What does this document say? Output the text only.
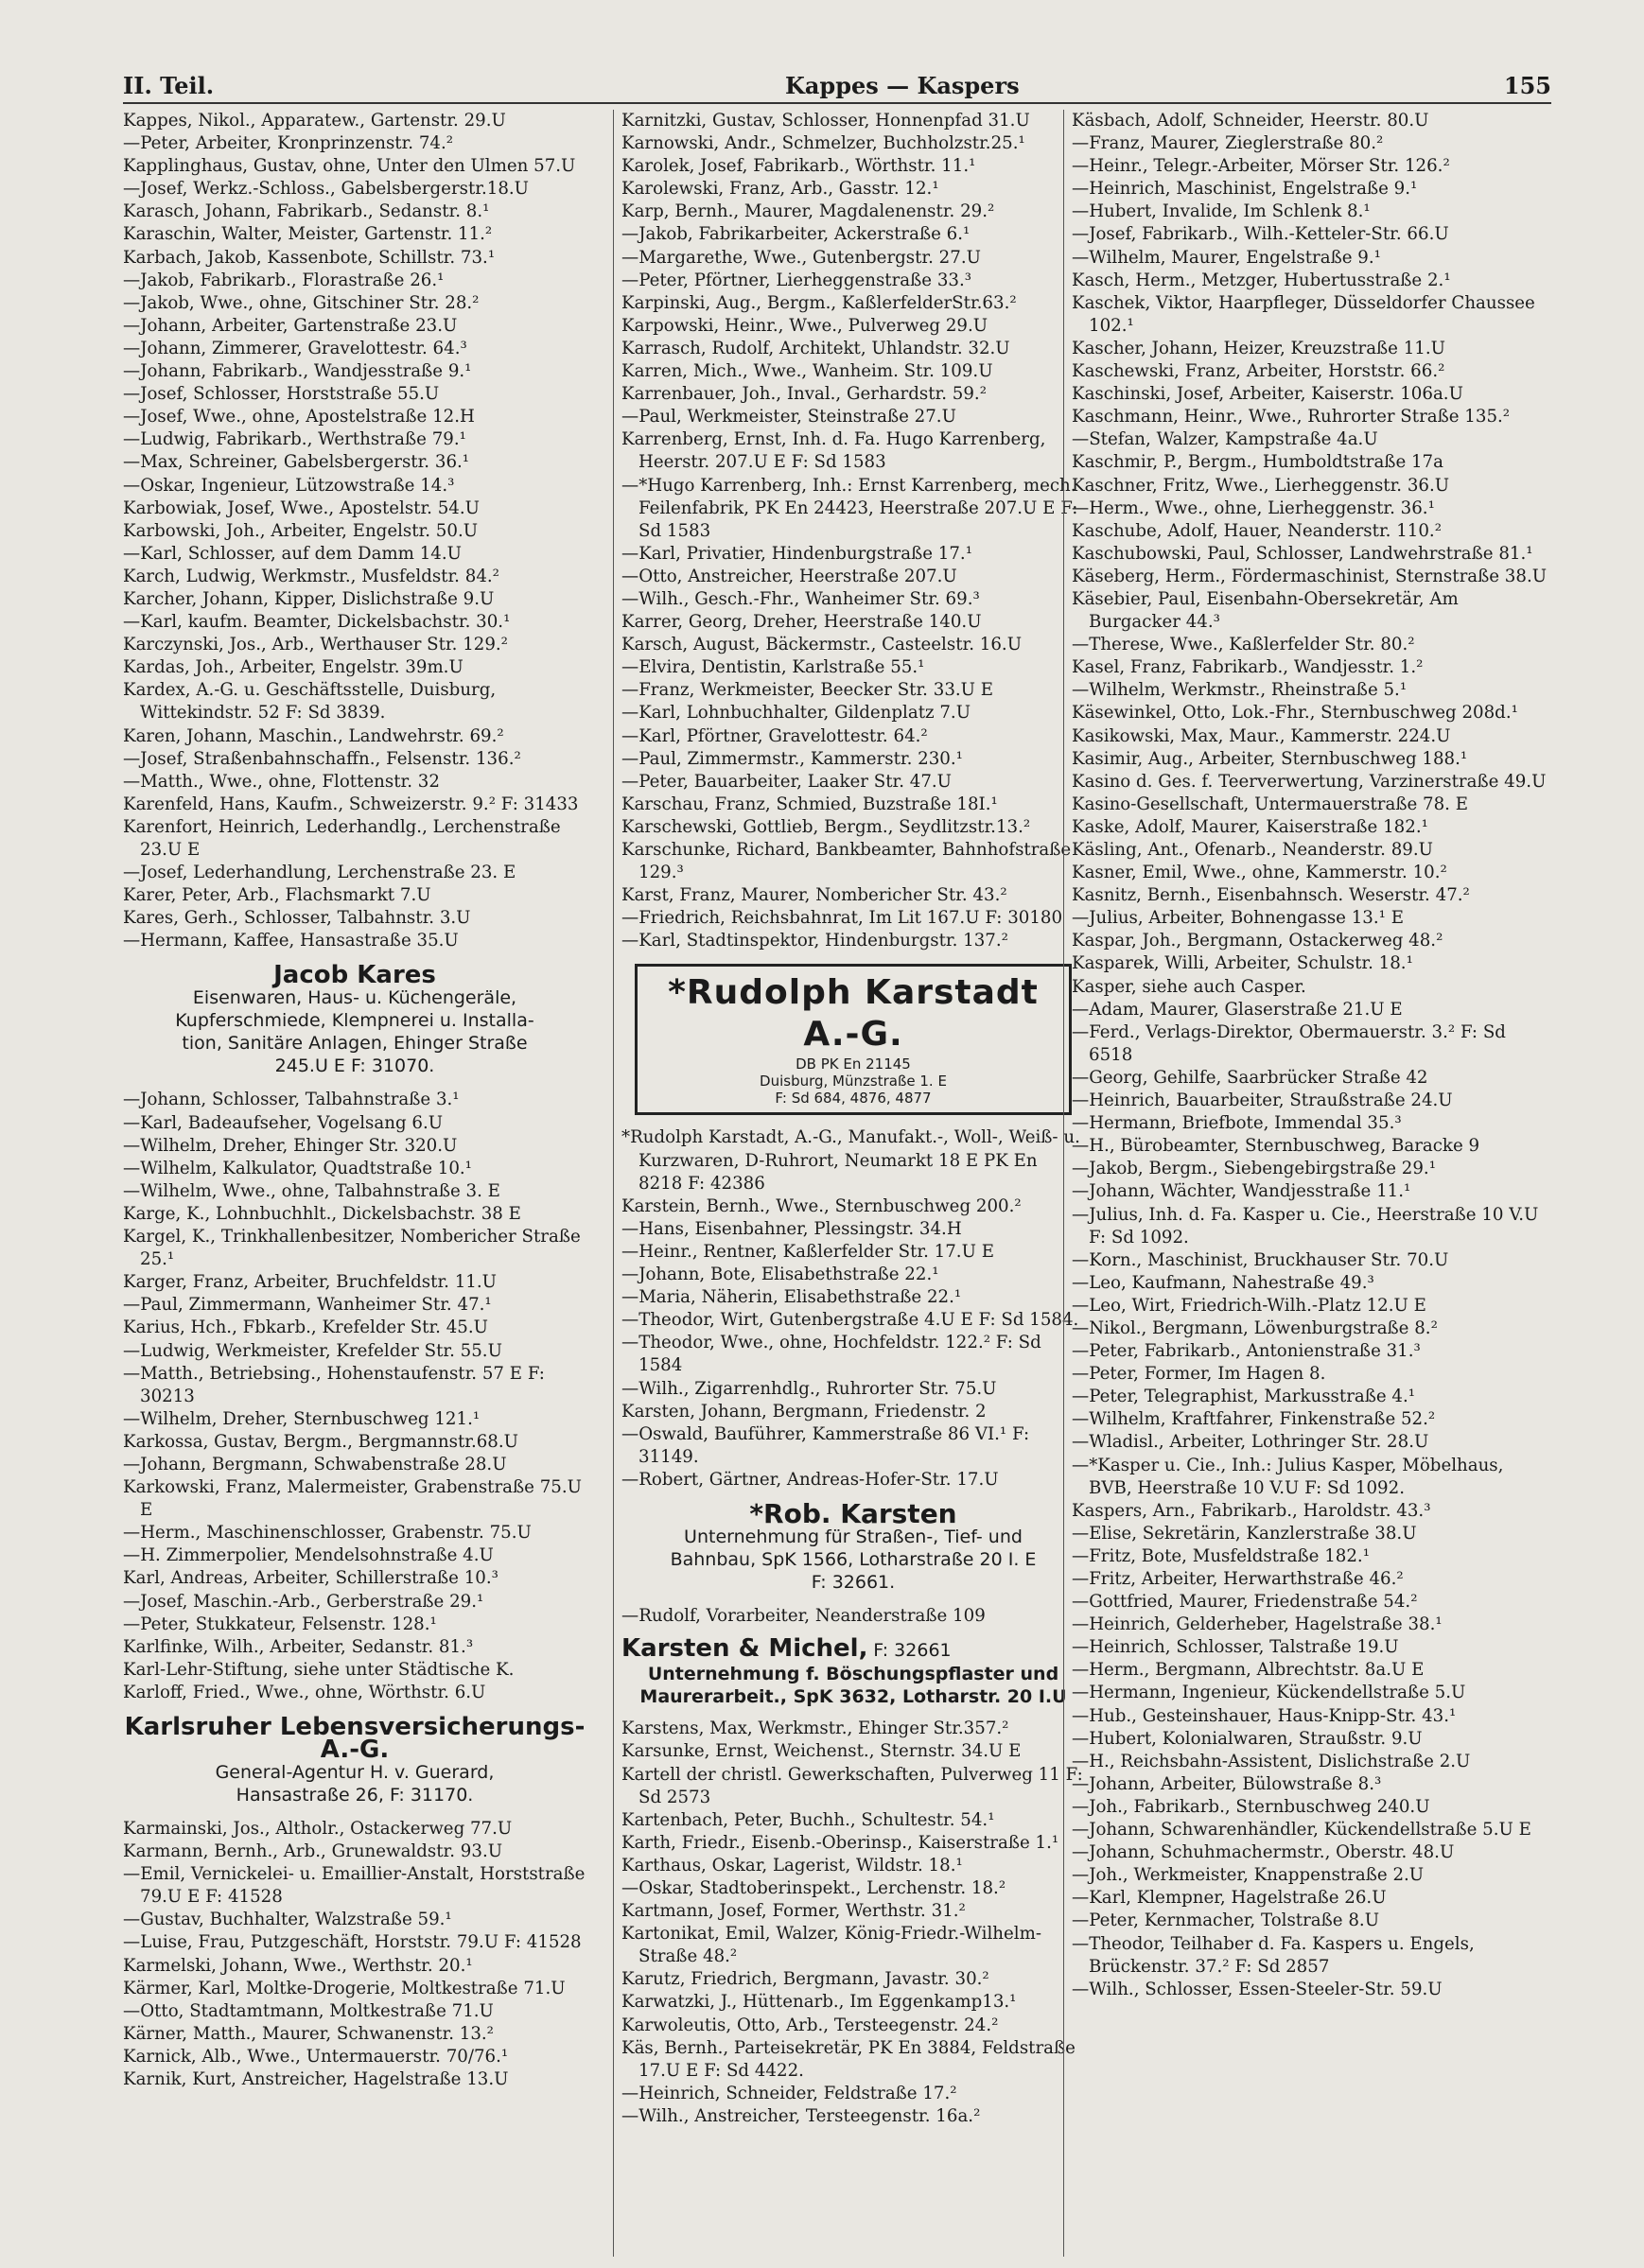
II. Teil.	Kappes — Kaspers	155

Kappes, Nikol., Apparatew., Gartenstr. 29.U

—Peter, Arbeiter, Kronprinzenstr. 74.²

Kapplinghaus, Gustav, ohne, Unter den Ulmen 57.U

—Josef, Werkz.-Schloss., Gabelsbergerstr.18.U

Karasch, Johann, Fabrikarb., Sedanstr. 8.¹

Karaschin, Walter, Meister, Gartenstr. 11.²

Karbach, Jakob, Kassenbote, Schillstr. 73.¹

—Jakob, Fabrikarb., Florastraße 26.¹

—Jakob, Wwe., ohne, Gitschiner Str. 28.²

—Johann, Arbeiter, Gartenstraße 23.U

—Johann, Zimmerer, Gravelottestr. 64.³

—Johann, Fabrikarb., Wandjesstraße 9.¹

—Josef, Schlosser, Horststraße 55.U

—Josef, Wwe., ohne, Apostelstraße 12.H

—Ludwig, Fabrikarb., Werthstraße 79.¹

—Max, Schreiner, Gabelsbergerstr. 36.¹

—Oskar, Ingenieur, Lützowstraße 14.³

Karbowiak, Josef, Wwe., Apostelstr. 54.U

Karbowski, Joh., Arbeiter, Engelstr. 50.U

—Karl, Schlosser, auf dem Damm 14.U

Karch, Ludwig, Werkmstr., Musfeldstr. 84.²

Karcher, Johann, Kipper, Dislichstraße 9.U

—Karl, kaufm. Beamter, Dickelsbachstr. 30.¹

Karczynski, Jos., Arb., Werthauser Str. 129.²

Kardas, Joh., Arbeiter, Engelstr. 39m.U

Kardex, A.-G. u. Geschäftsstelle, Duisburg, Wittekindstr. 52 F: Sd 3839.

Karen, Johann, Maschin., Landwehrstr. 69.²

—Josef, Straßenbahnschaffn., Felsenstr. 136.²

—Matth., Wwe., ohne, Flottenstr. 32

Karenfeld, Hans, Kaufm., Schweizerstr. 9.² F: 31433

Karenfort, Heinrich, Lederhandlg., Lerchenstraße 23.U E

—Josef, Lederhandlung, Lerchenstraße 23. E

Karer, Peter, Arb., Flachsmarkt 7.U

Kares, Gerh., Schlosser, Talbahnstr. 3.U

—Hermann, Kaffee, Hansastraße 35.U

Jacob Kares
Eisenwaren, Haus- u. Küchengeräle,
Kupferschmiede, Klempnerei u. Installa-
tion, Sanitäre Anlagen, Ehinger Straße
245.U E F: 31070.

—Johann, Schlosser, Talbahnstraße 3.¹

—Karl, Badeaufseher, Vogelsang 6.U

—Wilhelm, Dreher, Ehinger Str. 320.U

—Wilhelm, Kalkulator, Quadtstraße 10.¹

—Wilhelm, Wwe., ohne, Talbahnstraße 3. E

Karge, K., Lohnbuchhlt., Dickelsbachstr. 38 E

Kargel, K., Trinkhallenbesitzer, Nombericher Straße 25.¹

Karger, Franz, Arbeiter, Bruchfeldstr. 11.U

—Paul, Zimmermann, Wanheimer Str. 47.¹

Karius, Hch., Fbkarb., Krefelder Str. 45.U

—Ludwig, Werkmeister, Krefelder Str. 55.U

—Matth., Betriebsing., Hohenstaufenstr. 57 E F: 30213

—Wilhelm, Dreher, Sternbuschweg 121.¹

Karkossa, Gustav, Bergm., Bergmannstr.68.U

—Johann, Bergmann, Schwabenstraße 28.U

Karkowski, Franz, Malermeister, Grabenstraße 75.U E

—Herm., Maschinenschlosser, Grabenstr. 75.U

—H. Zimmerpolier, Mendelsohnstraße 4.U

Karl, Andreas, Arbeiter, Schillerstraße 10.³

—Josef, Maschin.-Arb., Gerberstraße 29.¹

—Peter, Stukkateur, Felsenstr. 128.¹

Karlfinke, Wilh., Arbeiter, Sedanstr. 81.³

Karl-Lehr-Stiftung, siehe unter Städtische K.

Karloff, Fried., Wwe., ohne, Wörthstr. 6.U

Karlsruher Lebensversicherungs-A.-G.
General-Agentur H. v. Guerard,
Hansastraße 26, F: 31170.

Karmainski, Jos., Altholr., Ostackerweg 77.U

Karmann, Bernh., Arb., Grunewaldstr. 93.U

—Emil, Vernickelei- u. Emaillier-Anstalt, Horststraße 79.U E F: 41528

—Gustav, Buchhalter, Walzstraße 59.¹

—Luise, Frau, Putzgeschäft, Horststr. 79.U F: 41528

Karmelski, Johann, Wwe., Werthstr. 20.¹

Kärmer, Karl, Moltke-Drogerie, Moltkestraße 71.U

—Otto, Stadtamtmann, Moltkestraße 71.U

Kärner, Matth., Maurer, Schwanenstr. 13.²

Karnick, Alb., Wwe., Untermauerstr. 70/76.¹

Karnik, Kurt, Anstreicher, Hagelstraße 13.U

Karnitzki, Gustav, Schlosser, Honnenpfad 31.U

Karnowski, Andr., Schmelzer, Buchholzstr.25.¹

Karolek, Josef, Fabrikarb., Wörthstr. 11.¹

Karolewski, Franz, Arb., Gasstr. 12.¹

Karp, Bernh., Maurer, Magdalenenstr. 29.²

—Jakob, Fabrikarbeiter, Ackerstraße 6.¹

—Margarethe, Wwe., Gutenbergstr. 27.U

—Peter, Pförtner, Lierheggenstraße 33.³

Karpinski, Aug., Bergm., KaßlerfelderStr.63.²

Karpowski, Heinr., Wwe., Pulverweg 29.U

Karrasch, Rudolf, Architekt, Uhlandstr. 32.U

Karren, Mich., Wwe., Wanheim. Str. 109.U

Karrenbauer, Joh., Inval., Gerhardstr. 59.²

—Paul, Werkmeister, Steinstraße 27.U

Karrenberg, Ernst, Inh. d. Fa. Hugo Karrenberg, Heerstr. 207.U E F: Sd 1583

—*Hugo Karrenberg, Inh.: Ernst Karrenberg, mech. Feilenfabrik, PK En 24423, Heerstraße 207.U E F: Sd 1583

—Karl, Privatier, Hindenburgstraße 17.¹

—Otto, Anstreicher, Heerstraße 207.U

—Wilh., Gesch.-Fhr., Wanheimer Str. 69.³

Karrer, Georg, Dreher, Heerstraße 140.U

Karsch, August, Bäckermstr., Casteelstr. 16.U

—Elvira, Dentistin, Karlstraße 55.¹

—Franz, Werkmeister, Beecker Str. 33.U E

—Karl, Lohnbuchhalter, Gildenplatz 7.U

—Karl, Pförtner, Gravelottestr. 64.²

—Paul, Zimmermstr., Kammerstr. 230.¹

—Peter, Bauarbeiter, Laaker Str. 47.U

Karschau, Franz, Schmied, Buzstraße 18I.¹

Karschewski, Gottlieb, Bergm., Seydlitzstr.13.²

Karschunke, Richard, Bankbeamter, Bahnhofstraße 129.³

Karst, Franz, Maurer, Nombericher Str. 43.²

—Friedrich, Reichsbahnrat, Im Lit 167.U F: 30180

—Karl, Stadtinspektor, Hindenburgstr. 137.²

*Rudolph Karstadt A.-G.
DB PK En 21145
Duisburg, Münzstraße 1. E
F: Sd 684, 4876, 4877

*Rudolph Karstadt, A.-G., Manufakt.-, Woll-, Weiß- u. Kurzwaren, D-Ruhrort, Neumarkt 18 E PK En 8218 F: 42386

Karstein, Bernh., Wwe., Sternbuschweg 200.²

—Hans, Eisenbahner, Plessingstr. 34.H

—Heinr., Rentner, Kaßlerfelder Str. 17.U E

—Johann, Bote, Elisabethstraße 22.¹

—Maria, Näherin, Elisabethstraße 22.¹

—Theodor, Wirt, Gutenbergstraße 4.U E F: Sd 1584.

—Theodor, Wwe., ohne, Hochfeldstr. 122.² F: Sd 1584

—Wilh., Zigarrenhdlg., Ruhrorter Str. 75.U

Karsten, Johann, Bergmann, Friedenstr. 2

—Oswald, Bauführer, Kammerstraße 86 VI.¹ F: 31149.

—Robert, Gärtner, Andreas-Hofer-Str. 17.U

*Rob. Karsten
Unternehmung für Straßen-, Tief- und
Bahnbau, SpK 1566, Lotharstraße 20 I. E
F: 32661.

—Rudolf, Vorarbeiter, Neanderstraße 109

Karsten & Michel, F: 32661
Unternehmung f. Böschungspflaster und
Maurerarbeit., SpK 3632, Lotharstr. 20 I.U

Karstens, Max, Werkmstr., Ehinger Str.357.²

Karsunke, Ernst, Weichenst., Sternstr. 34.U E

Kartell der christl. Gewerkschaften, Pulverweg 11 F: Sd 2573

Kartenbach, Peter, Buchh., Schultestr. 54.¹

Karth, Friedr., Eisenb.-Oberinsp., Kaiserstraße 1.¹

Karthaus, Oskar, Lagerist, Wildstr. 18.¹

—Oskar, Stadtoberinspekt., Lerchenstr. 18.²

Kartmann, Josef, Former, Werthstr. 31.²

Kartonikat, Emil, Walzer, König-Friedr.-Wilhelm-Straße 48.²

Karutz, Friedrich, Bergmann, Javastr. 30.²

Karwatzki, J., Hüttenarb., Im Eggenkamp13.¹

Karwoleutis, Otto, Arb., Tersteegenstr. 24.²

Käs, Bernh., Parteisekretär, PK En 3884, Feldstraße 17.U E F: Sd 4422.

—Heinrich, Schneider, Feldstraße 17.²

—Wilh., Anstreicher, Tersteegenstr. 16a.²

Käsbach, Adolf, Schneider, Heerstr. 80.U

—Franz, Maurer, Zieglerstraße 80.²

—Heinr., Telegr.-Arbeiter, Mörser Str. 126.²

—Heinrich, Maschinist, Engelstraße 9.¹

—Hubert, Invalide, Im Schlenk 8.¹

—Josef, Fabrikarb., Wilh.-Ketteler-Str. 66.U

—Wilhelm, Maurer, Engelstraße 9.¹

Kasch, Herm., Metzger, Hubertusstraße 2.¹

Kaschek, Viktor, Haarpfleger, Düsseldorfer Chaussee 102.¹

Kascher, Johann, Heizer, Kreuzstraße 11.U

Kaschewski, Franz, Arbeiter, Horststr. 66.²

Kaschinski, Josef, Arbeiter, Kaiserstr. 106a.U

Kaschmann, Heinr., Wwe., Ruhrorter Straße 135.²

—Stefan, Walzer, Kampstraße 4a.U

Kaschmir, P., Bergm., Humboldtstraße 17a

Kaschner, Fritz, Wwe., Lierheggenstr. 36.U

—Herm., Wwe., ohne, Lierheggenstr. 36.¹

Kaschube, Adolf, Hauer, Neanderstr. 110.²

Kaschubowski, Paul, Schlosser, Landwehrstraße 81.¹

Käseberg, Herm., Fördermaschinist, Sternstraße 38.U

Käsebier, Paul, Eisenbahn-Obersekretär, Am Burgacker 44.³

—Therese, Wwe., Kaßlerfelder Str. 80.²

Kasel, Franz, Fabrikarb., Wandjesstr. 1.²

—Wilhelm, Werkmstr., Rheinstraße 5.¹

Käsewinkel, Otto, Lok.-Fhr., Sternbuschweg 208d.¹

Kasikowski, Max, Maur., Kammerstr. 224.U

Kasimir, Aug., Arbeiter, Sternbuschweg 188.¹

Kasino d. Ges. f. Teerverwertung, Varzinerstraße 49.U

Kasino-Gesellschaft, Untermauerstraße 78. E

Kaske, Adolf, Maurer, Kaiserstraße 182.¹

Käsling, Ant., Ofenarb., Neanderstr. 89.U

Kasner, Emil, Wwe., ohne, Kammerstr. 10.²

Kasnitz, Bernh., Eisenbahnsch. Weserstr. 47.²

—Julius, Arbeiter, Bohnengasse 13.¹ E

Kaspar, Joh., Bergmann, Ostackerweg 48.²

Kasparek, Willi, Arbeiter, Schulstr. 18.¹

Kasper, siehe auch Casper.

—Adam, Maurer, Glaserstraße 21.U E

—Ferd., Verlags-Direktor, Obermauerstr. 3.² F: Sd 6518

—Georg, Gehilfe, Saarbrücker Straße 42

—Heinrich, Bauarbeiter, Straußstraße 24.U

—Hermann, Briefbote, Immendal 35.³

—H., Bürobeamter, Sternbuschweg, Baracke 9

—Jakob, Bergm., Siebengebirgstraße 29.¹

—Johann, Wächter, Wandjesstraße 11.¹

—Julius, Inh. d. Fa. Kasper u. Cie., Heerstraße 10 V.U F: Sd 1092.

—Korn., Maschinist, Bruckhauser Str. 70.U

—Leo, Kaufmann, Nahestraße 49.³

—Leo, Wirt, Friedrich-Wilh.-Platz 12.U E

—Nikol., Bergmann, Löwenburgstraße 8.²

—Peter, Fabrikarb., Antonienstraße 31.³

—Peter, Former, Im Hagen 8.

—Peter, Telegraphist, Markusstraße 4.¹

—Wilhelm, Kraftfahrer, Finkenstraße 52.²

—Wladisl., Arbeiter, Lothringer Str. 28.U

—*Kasper u. Cie., Inh.: Julius Kasper, Möbelhaus, BVB, Heerstraße 10 V.U F: Sd 1092.

Kaspers, Arn., Fabrikarb., Haroldstr. 43.³

—Elise, Sekretärin, Kanzlerstraße 38.U

—Fritz, Bote, Musfeldstraße 182.¹

—Fritz, Arbeiter, Herwarthstraße 46.²

—Gottfried, Maurer, Friedenstraße 54.²

—Heinrich, Gelderheber, Hagelstraße 38.¹

—Heinrich, Schlosser, Talstraße 19.U

—Herm., Bergmann, Albrechtstr. 8a.U E

—Hermann, Ingenieur, Kückendellstraße 5.U

—Hub., Gesteinshauer, Haus-Knipp-Str. 43.¹

—Hubert, Kolonialwaren, Straußstr. 9.U

—H., Reichsbahn-Assistent, Dislichstraße 2.U

—Johann, Arbeiter, Bülowstraße 8.³

—Joh., Fabrikarb., Sternbuschweg 240.U

—Johann, Schwarenhändler, Kückendellstraße 5.U E

—Johann, Schuhmachermstr., Oberstr. 48.U

—Joh., Werkmeister, Knappenstraße 2.U

—Karl, Klempner, Hagelstraße 26.U

—Peter, Kernmacher, Tolstraße 8.U

—Theodor, Teilhaber d. Fa. Kaspers u. Engels, Brückenstr. 37.² F: Sd 2857

—Wilh., Schlosser, Essen-Steeler-Str. 59.U
